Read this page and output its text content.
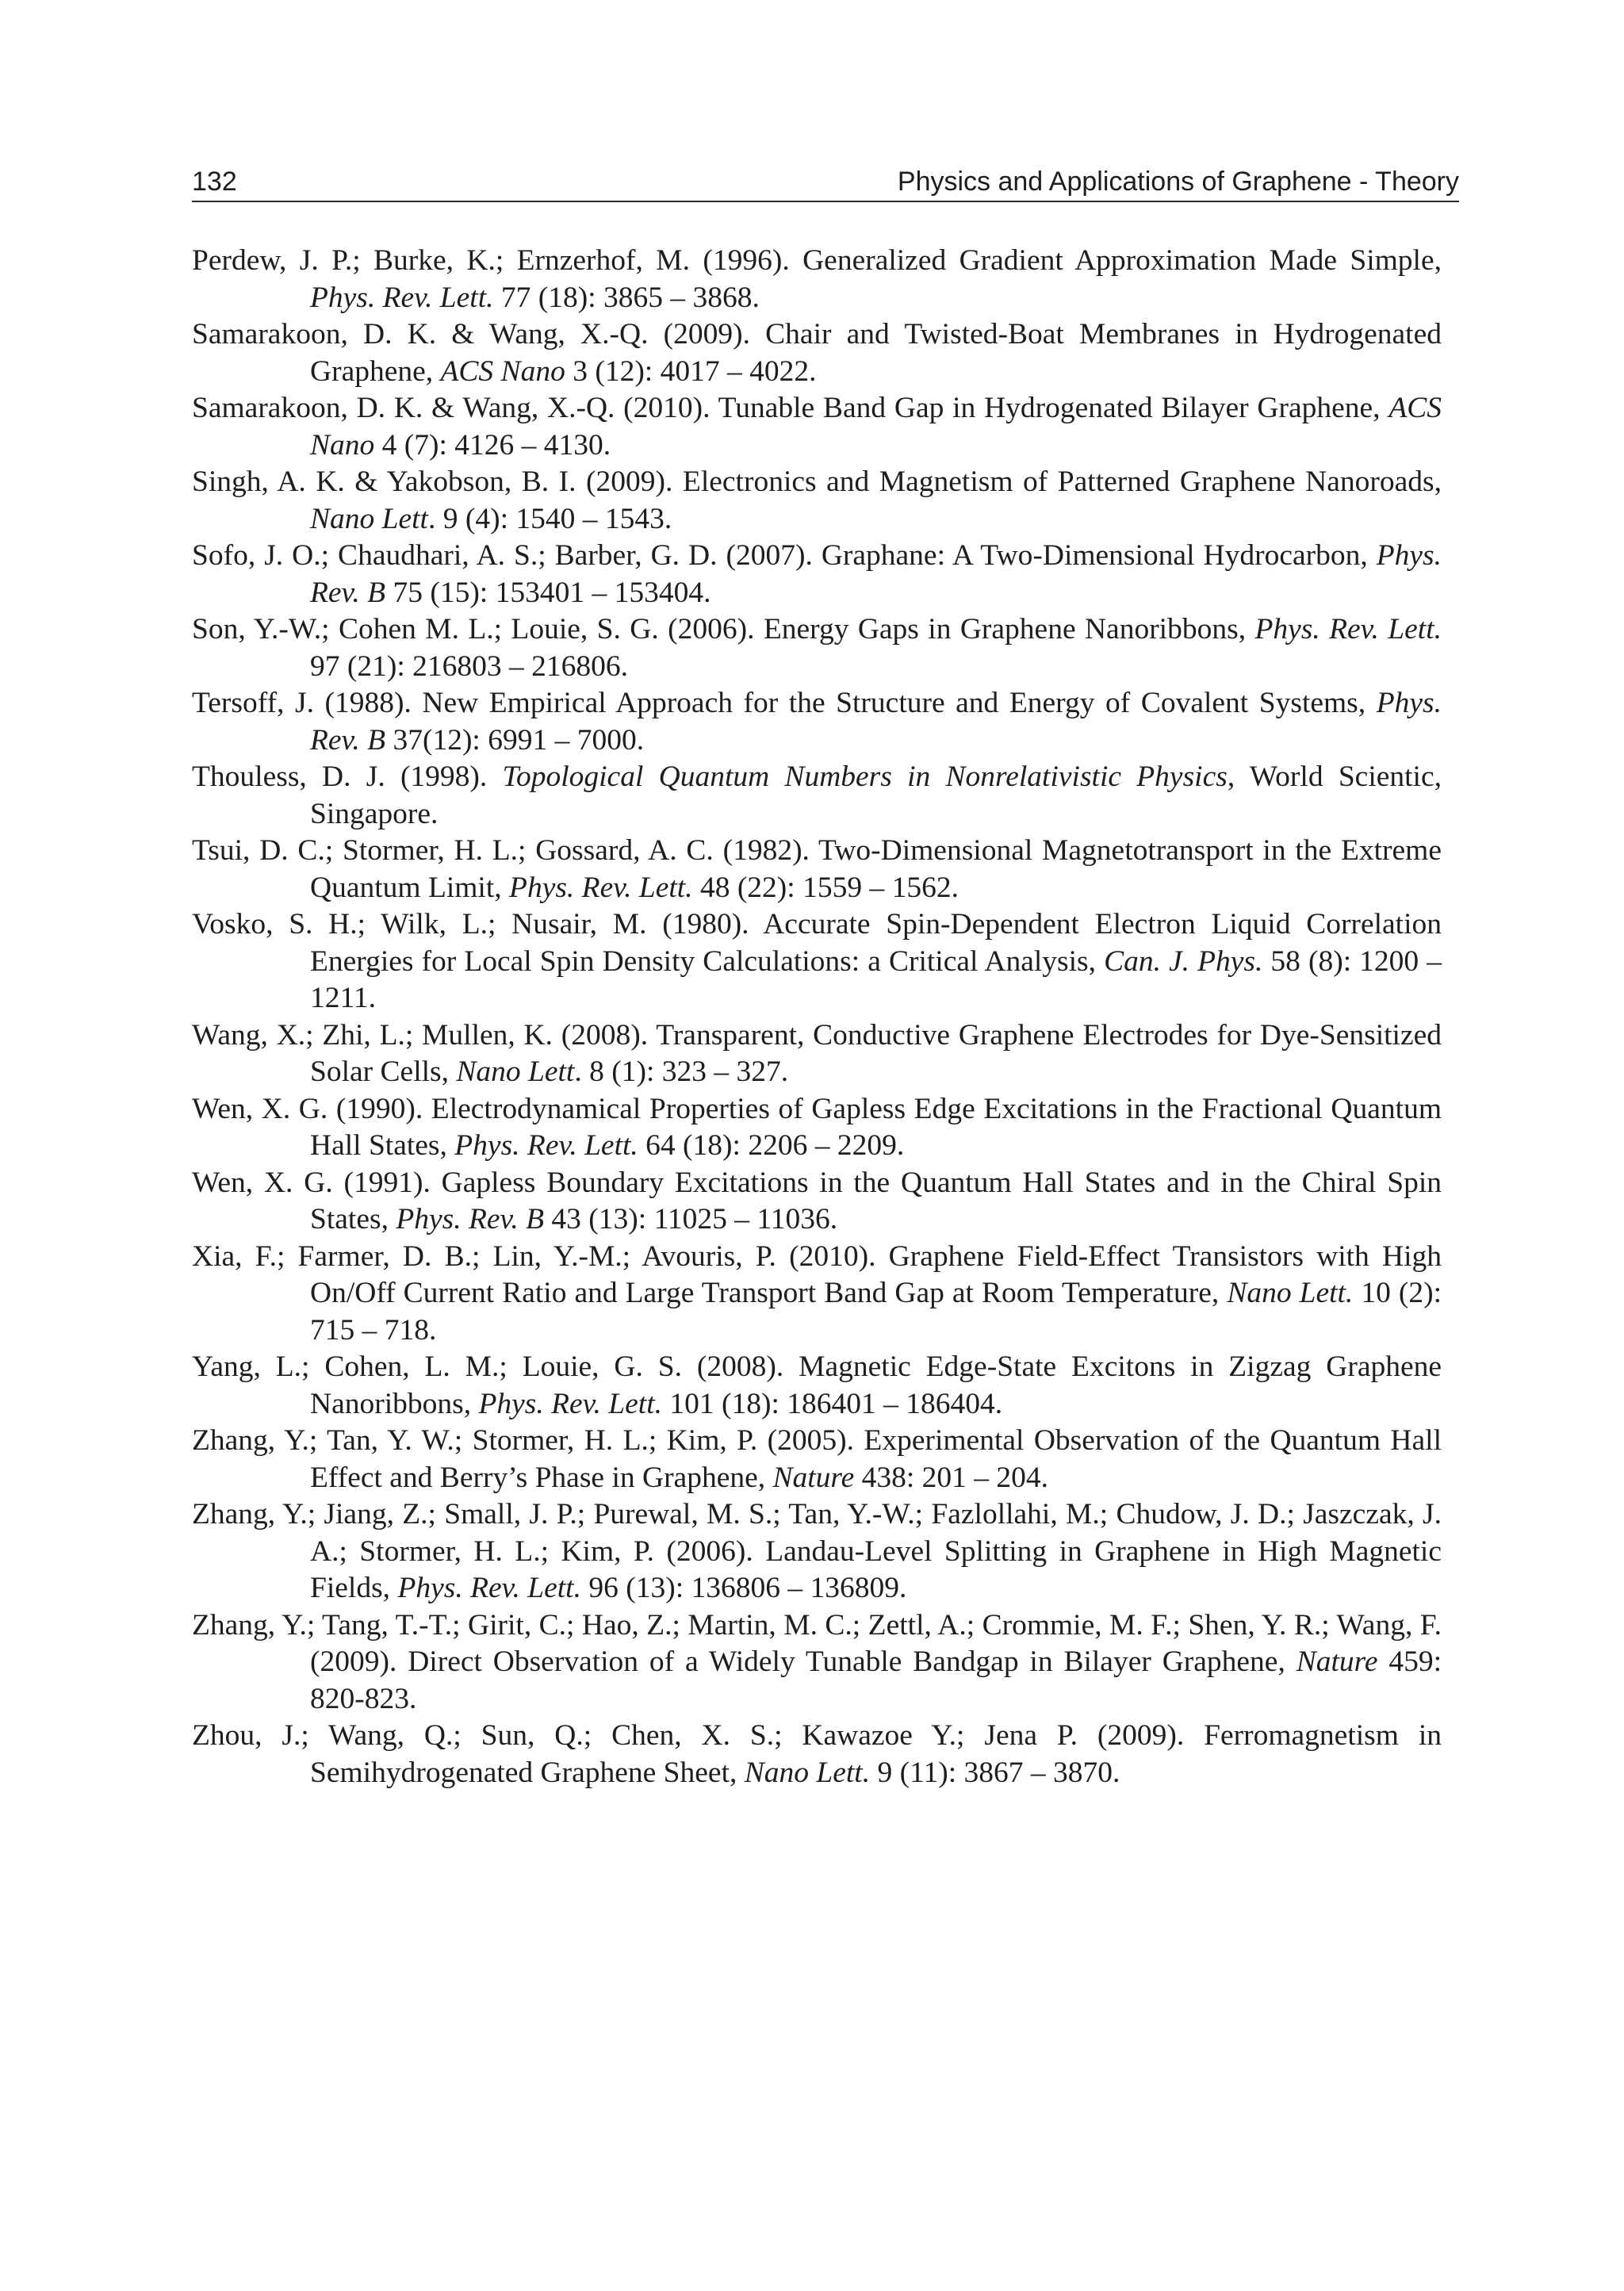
132	Physics and Applications of Graphene - Theory
Perdew, J. P.; Burke, K.; Ernzerhof, M. (1996). Generalized Gradient Approximation Made Simple, Phys. Rev. Lett. 77 (18): 3865 – 3868.
Samarakoon, D. K. & Wang, X.-Q. (2009). Chair and Twisted-Boat Membranes in Hydrogenated Graphene, ACS Nano 3 (12): 4017 – 4022.
Samarakoon, D. K. & Wang, X.-Q. (2010). Tunable Band Gap in Hydrogenated Bilayer Graphene, ACS Nano 4 (7): 4126 – 4130.
Singh, A. K. & Yakobson, B. I. (2009). Electronics and Magnetism of Patterned Graphene Nanoroads, Nano Lett. 9 (4): 1540 – 1543.
Sofo, J. O.; Chaudhari, A. S.; Barber, G. D. (2007). Graphane: A Two-Dimensional Hydrocarbon, Phys. Rev. B 75 (15): 153401 – 153404.
Son, Y.-W.; Cohen M. L.; Louie, S. G. (2006). Energy Gaps in Graphene Nanoribbons, Phys. Rev. Lett. 97 (21): 216803 – 216806.
Tersoff, J. (1988). New Empirical Approach for the Structure and Energy of Covalent Systems, Phys. Rev. B 37(12): 6991 – 7000.
Thouless, D. J. (1998). Topological Quantum Numbers in Nonrelativistic Physics, World Scientic, Singapore.
Tsui, D. C.; Stormer, H. L.; Gossard, A. C. (1982). Two-Dimensional Magnetotransport in the Extreme Quantum Limit, Phys. Rev. Lett. 48 (22): 1559 – 1562.
Vosko, S. H.; Wilk, L.; Nusair, M. (1980). Accurate Spin-Dependent Electron Liquid Correlation Energies for Local Spin Density Calculations: a Critical Analysis, Can. J. Phys. 58 (8): 1200 – 1211.
Wang, X.; Zhi, L.; Mullen, K. (2008). Transparent, Conductive Graphene Electrodes for Dye-Sensitized Solar Cells, Nano Lett. 8 (1): 323 – 327.
Wen, X. G. (1990). Electrodynamical Properties of Gapless Edge Excitations in the Fractional Quantum Hall States, Phys. Rev. Lett. 64 (18): 2206 – 2209.
Wen, X. G. (1991). Gapless Boundary Excitations in the Quantum Hall States and in the Chiral Spin States, Phys. Rev. B 43 (13): 11025 – 11036.
Xia, F.; Farmer, D. B.; Lin, Y.-M.; Avouris, P. (2010). Graphene Field-Effect Transistors with High On/Off Current Ratio and Large Transport Band Gap at Room Temperature, Nano Lett. 10 (2): 715 – 718.
Yang, L.; Cohen, L. M.; Louie, G. S. (2008). Magnetic Edge-State Excitons in Zigzag Graphene Nanoribbons, Phys. Rev. Lett. 101 (18): 186401 – 186404.
Zhang, Y.; Tan, Y. W.; Stormer, H. L.; Kim, P. (2005). Experimental Observation of the Quantum Hall Effect and Berry’s Phase in Graphene, Nature 438: 201 – 204.
Zhang, Y.; Jiang, Z.; Small, J. P.; Purewal, M. S.; Tan, Y.-W.; Fazlollahi, M.; Chudow, J. D.; Jaszczak, J. A.; Stormer, H. L.; Kim, P. (2006). Landau-Level Splitting in Graphene in High Magnetic Fields, Phys. Rev. Lett. 96 (13): 136806 – 136809.
Zhang, Y.; Tang, T.-T.; Girit, C.; Hao, Z.; Martin, M. C.; Zettl, A.; Crommie, M. F.; Shen, Y. R.; Wang, F. (2009). Direct Observation of a Widely Tunable Bandgap in Bilayer Graphene, Nature 459: 820-823.
Zhou, J.; Wang, Q.; Sun, Q.; Chen, X. S.; Kawazoe Y.; Jena P. (2009). Ferromagnetism in Semihydrogenated Graphene Sheet, Nano Lett. 9 (11): 3867 – 3870.
